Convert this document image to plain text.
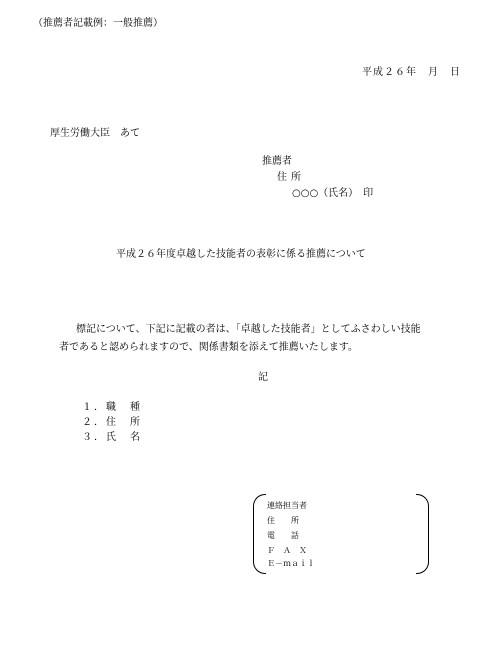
（推薦者記載例：一般推薦）
平成２６年　月　日
厚生労働大臣　あて
推薦者
住所
○○○（氏名）　印
平成２６年度卓越した技能者の表彰に係る推薦について
標記について、下記に記載の者は、「卓越した技能者」としてふさわしい技能
者であると認められますので、関係書類を添えて推薦いたします。
記
１．職　種
２．住　所
３．氏　名
連絡担当者
住　　所
電　　話
Ｆ　Ａ　Ｘ
Ｅ－ｍａｉｌ
